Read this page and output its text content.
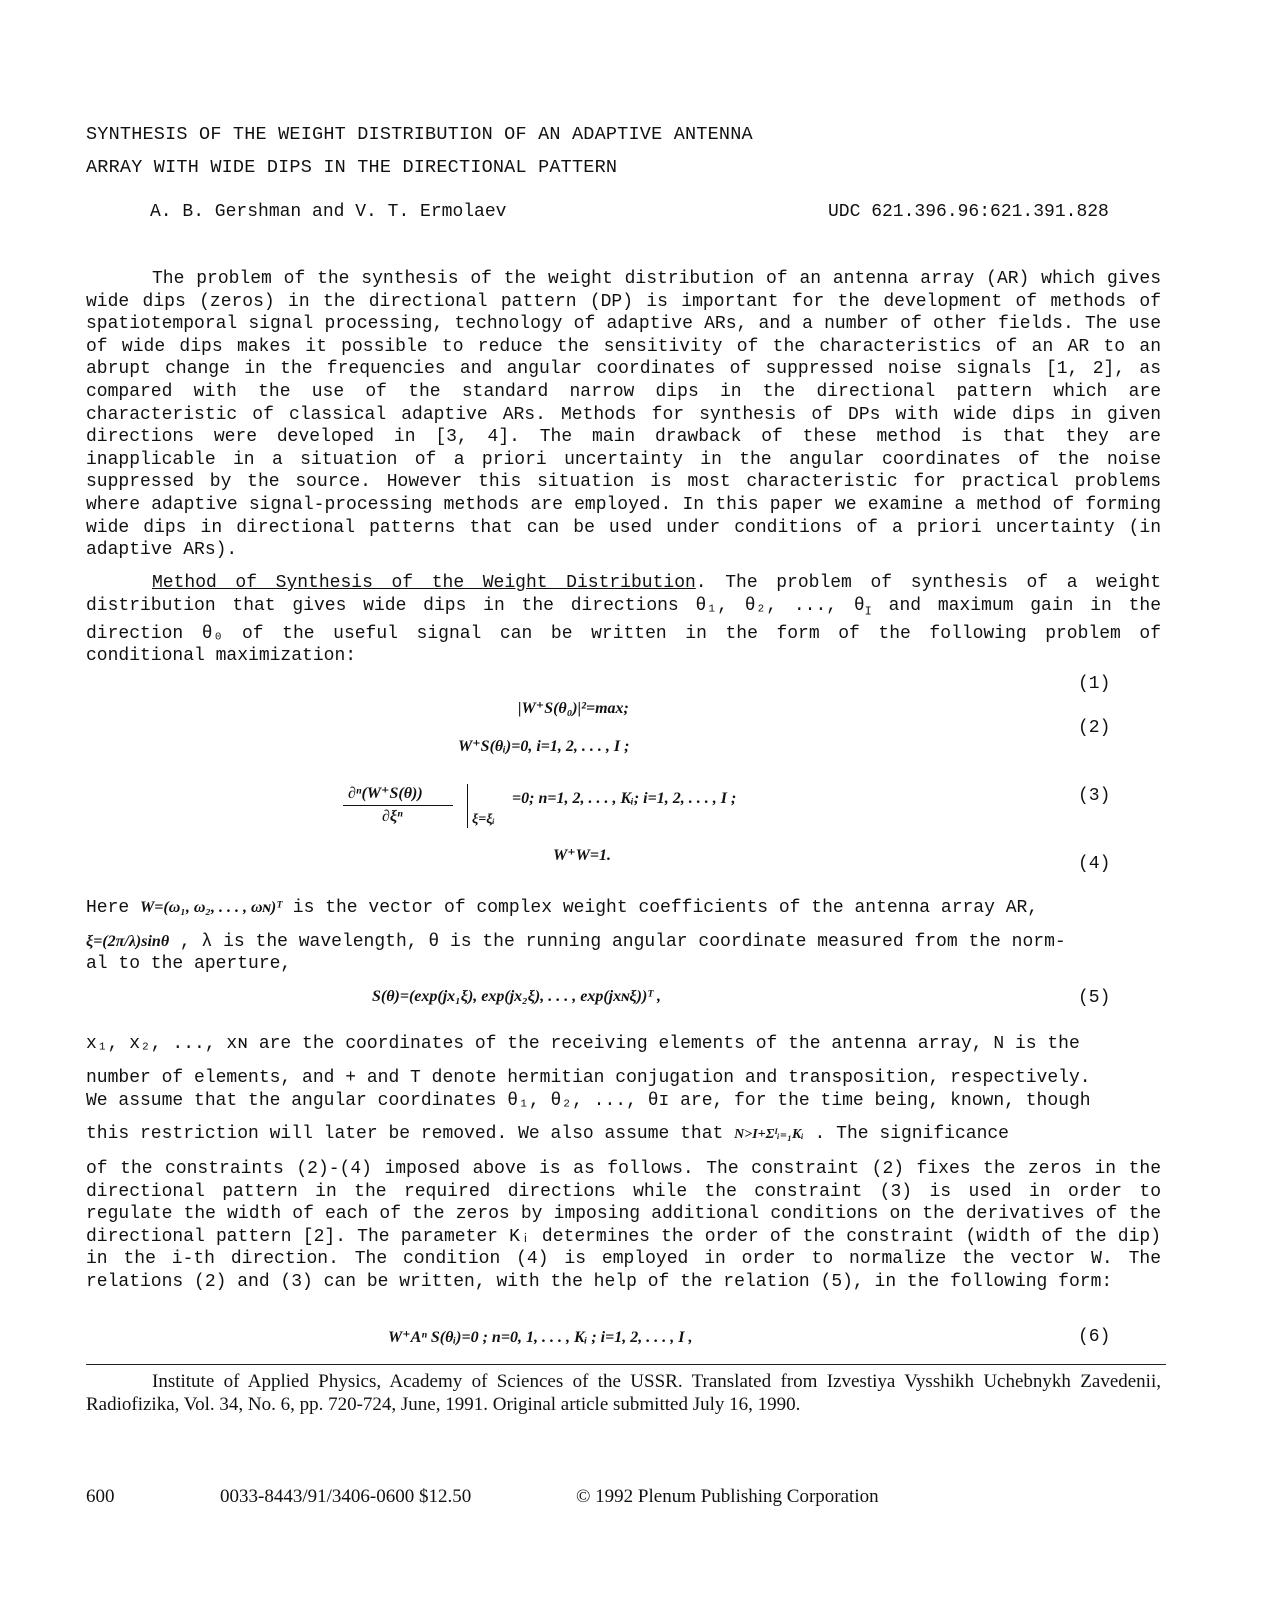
SYNTHESIS OF THE WEIGHT DISTRIBUTION OF AN ADAPTIVE ANTENNA
ARRAY WITH WIDE DIPS IN THE DIRECTIONAL PATTERN
A. B. Gershman and V. T. Ermolaev	UDC 621.396.96:621.391.828
The problem of the synthesis of the weight distribution of an antenna array (AR) which gives wide dips (zeros) in the directional pattern (DP) is important for the development of methods of spatiotemporal signal processing, technology of adaptive ARs, and a number of other fields. The use of wide dips makes it possible to reduce the sensitivity of the characteristics of an AR to an abrupt change in the frequencies and angular coordinates of suppressed noise signals [1, 2], as compared with the use of the standard narrow dips in the directional pattern which are characteristic of classical adaptive ARs. Methods for synthesis of DPs with wide dips in given directions were developed in [3, 4]. The main drawback of these method is that they are inapplicable in a situation of a priori uncertainty in the angular coordinates of the noise suppressed by the source. However this situation is most characteristic for practical problems where adaptive signal-processing methods are employed. In this paper we examine a method of forming wide dips in directional patterns that can be used under conditions of a priori uncertainty (in adaptive ARs).
Method of Synthesis of the Weight Distribution. The problem of synthesis of a weight distribution that gives wide dips in the directions θ₁, θ₂, ..., $\theta_I$ and maximum gain in the direction θ₀ of the useful signal can be written in the form of the following problem of conditional maximization:
|W⁺S(θ₀)|²=max;
(1)
W⁺S(θᵢ)=0, i=1, 2, . . . , I ;
(2)
∂ⁿ(W⁺S(θ))
∂ξⁿ	ξ=ξᵢ
=0; n=1, 2, . . . , Kᵢ; i=1, 2, . . . , I ;	(3)
W⁺W=1.	(4)
Here W=(ω₁, ω₂, . . . , ωɴ)ᵀ is the vector of complex weight coefficients of the antenna array AR,
ξ=(2π/λ)sinθ , λ is the wavelength, θ is the running angular coordinate measured from the norm-
al to the aperture,
S(θ)=(exp(jx₁ξ), exp(jx₂ξ), . . . , exp(jxɴξ))ᵀ ,	(5)
x₁, x₂, ..., xɴ are the coordinates of the receiving elements of the antenna array, N is the
number of elements, and + and T denote hermitian conjugation and transposition, respectively.
We assume that the angular coordinates θ₁, θ₂, ..., θɪ are, for the time being, known, though
this restriction will later be removed. We also assume that N>I+Σᴵᵢ₌₁Kᵢ . The significance
of the constraints (2)-(4) imposed above is as follows. The constraint (2) fixes the zeros in the directional pattern in the required directions while the constraint (3) is used in order to regulate the width of each of the zeros by imposing additional conditions on the derivatives of the directional pattern [2]. The parameter Kᵢ determines the order of the constraint (width of the dip) in the i-th direction. The condition (4) is employed in order to normalize the vector W. The relations (2) and (3) can be written, with the help of the relation (5), in the following form:
W⁺Aⁿ S(θᵢ)=0 ; n=0, 1, . . . , Kᵢ ; i=1, 2, . . . , I ,	(6)
Institute of Applied Physics, Academy of Sciences of the USSR. Translated from Izvestiya Vysshikh Uchebnykh Zavedenii, Radiofizika, Vol. 34, No. 6, pp. 720-724, June, 1991. Original article submitted July 16, 1990.
600	0033-8443/91/3406-0600 $12.50	© 1992 Plenum Publishing Corporation
